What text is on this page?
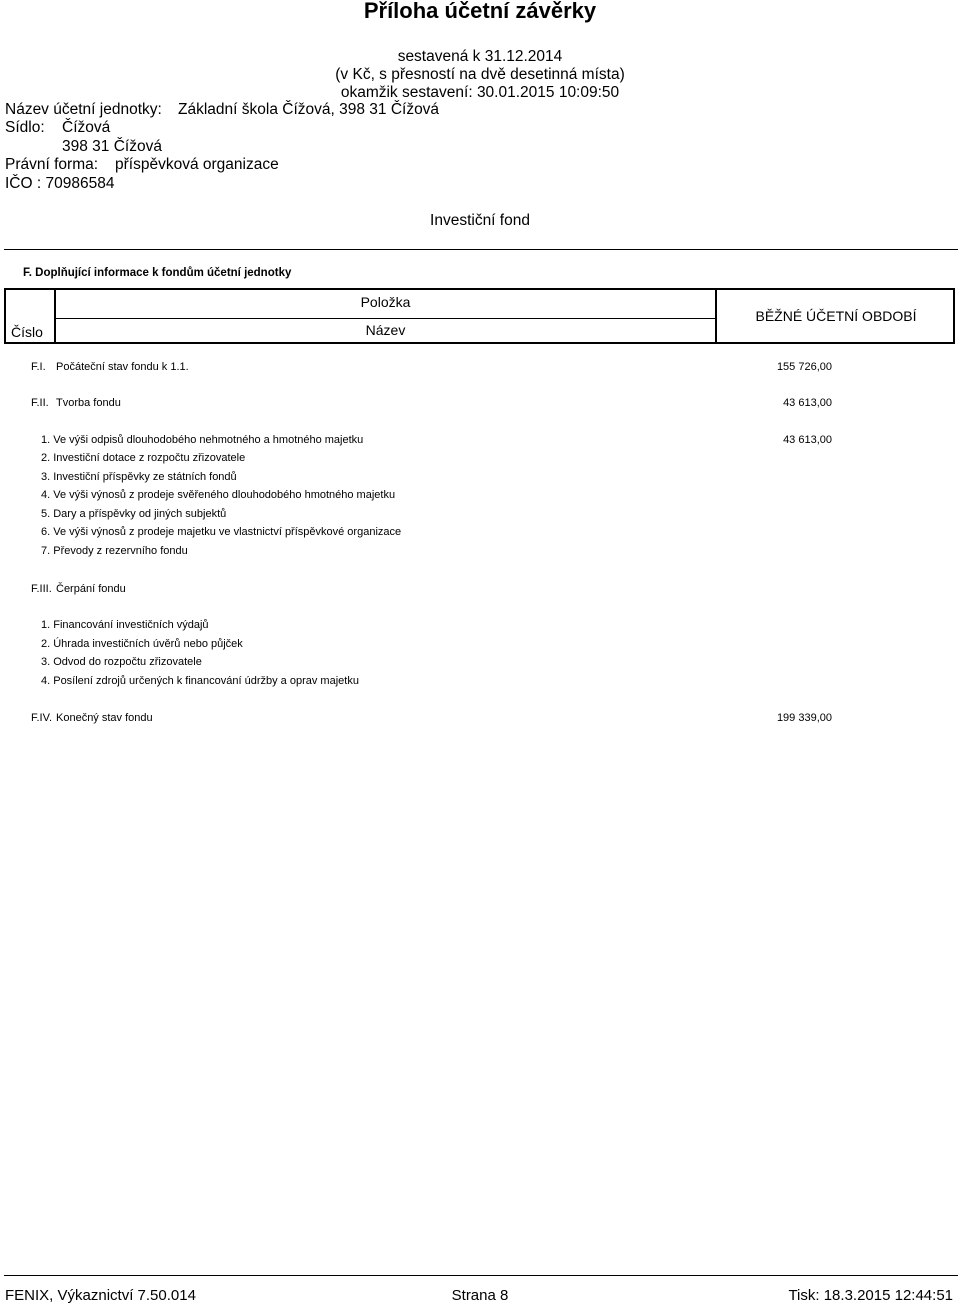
Příloha účetní závěrky
sestavená k 31.12.2014
(v Kč, s přesností na dvě desetinná místa)
okamžik sestavení: 30.01.2015 10:09:50
Název účetní jednotky: Základní škola Čížová, 398 31 Čížová
Sídlo: Čížová
398 31 Čížová
Právní forma: příspěvková organizace
IČO : 70986584
Investiční fond
F. Doplňující informace k fondům účetní jednotky
Položka
Číslo	Název
BĚŽNÉ ÚČETNÍ OBDOBÍ
F.I. Počáteční stav fondu k 1.1.	155 726,00
F.II. Tvorba fondu	43 613,00
1. Ve výši odpisů dlouhodobého nehmotného a hmotného majetku	43 613,00
2. Investiční dotace z rozpočtu zřizovatele
3. Investiční příspěvky ze státních fondů
4. Ve výši výnosů z prodeje svěřeného dlouhodobého hmotného majetku
5. Dary a příspěvky od jiných subjektů
6. Ve výši výnosů z prodeje majetku ve vlastnictví příspěvkové organizace
7. Převody z rezervního fondu
F.III. Čerpání fondu
1. Financování investičních výdajů
2. Úhrada investičních úvěrů nebo půjček
3. Odvod do rozpočtu zřizovatele
4. Posílení zdrojů určených k financování údržby a oprav majetku
F.IV. Konečný stav fondu	199 339,00
FENIX, Výkaznictví 7.50.014	Strana 8	Tisk: 18.3.2015 12:44:51
